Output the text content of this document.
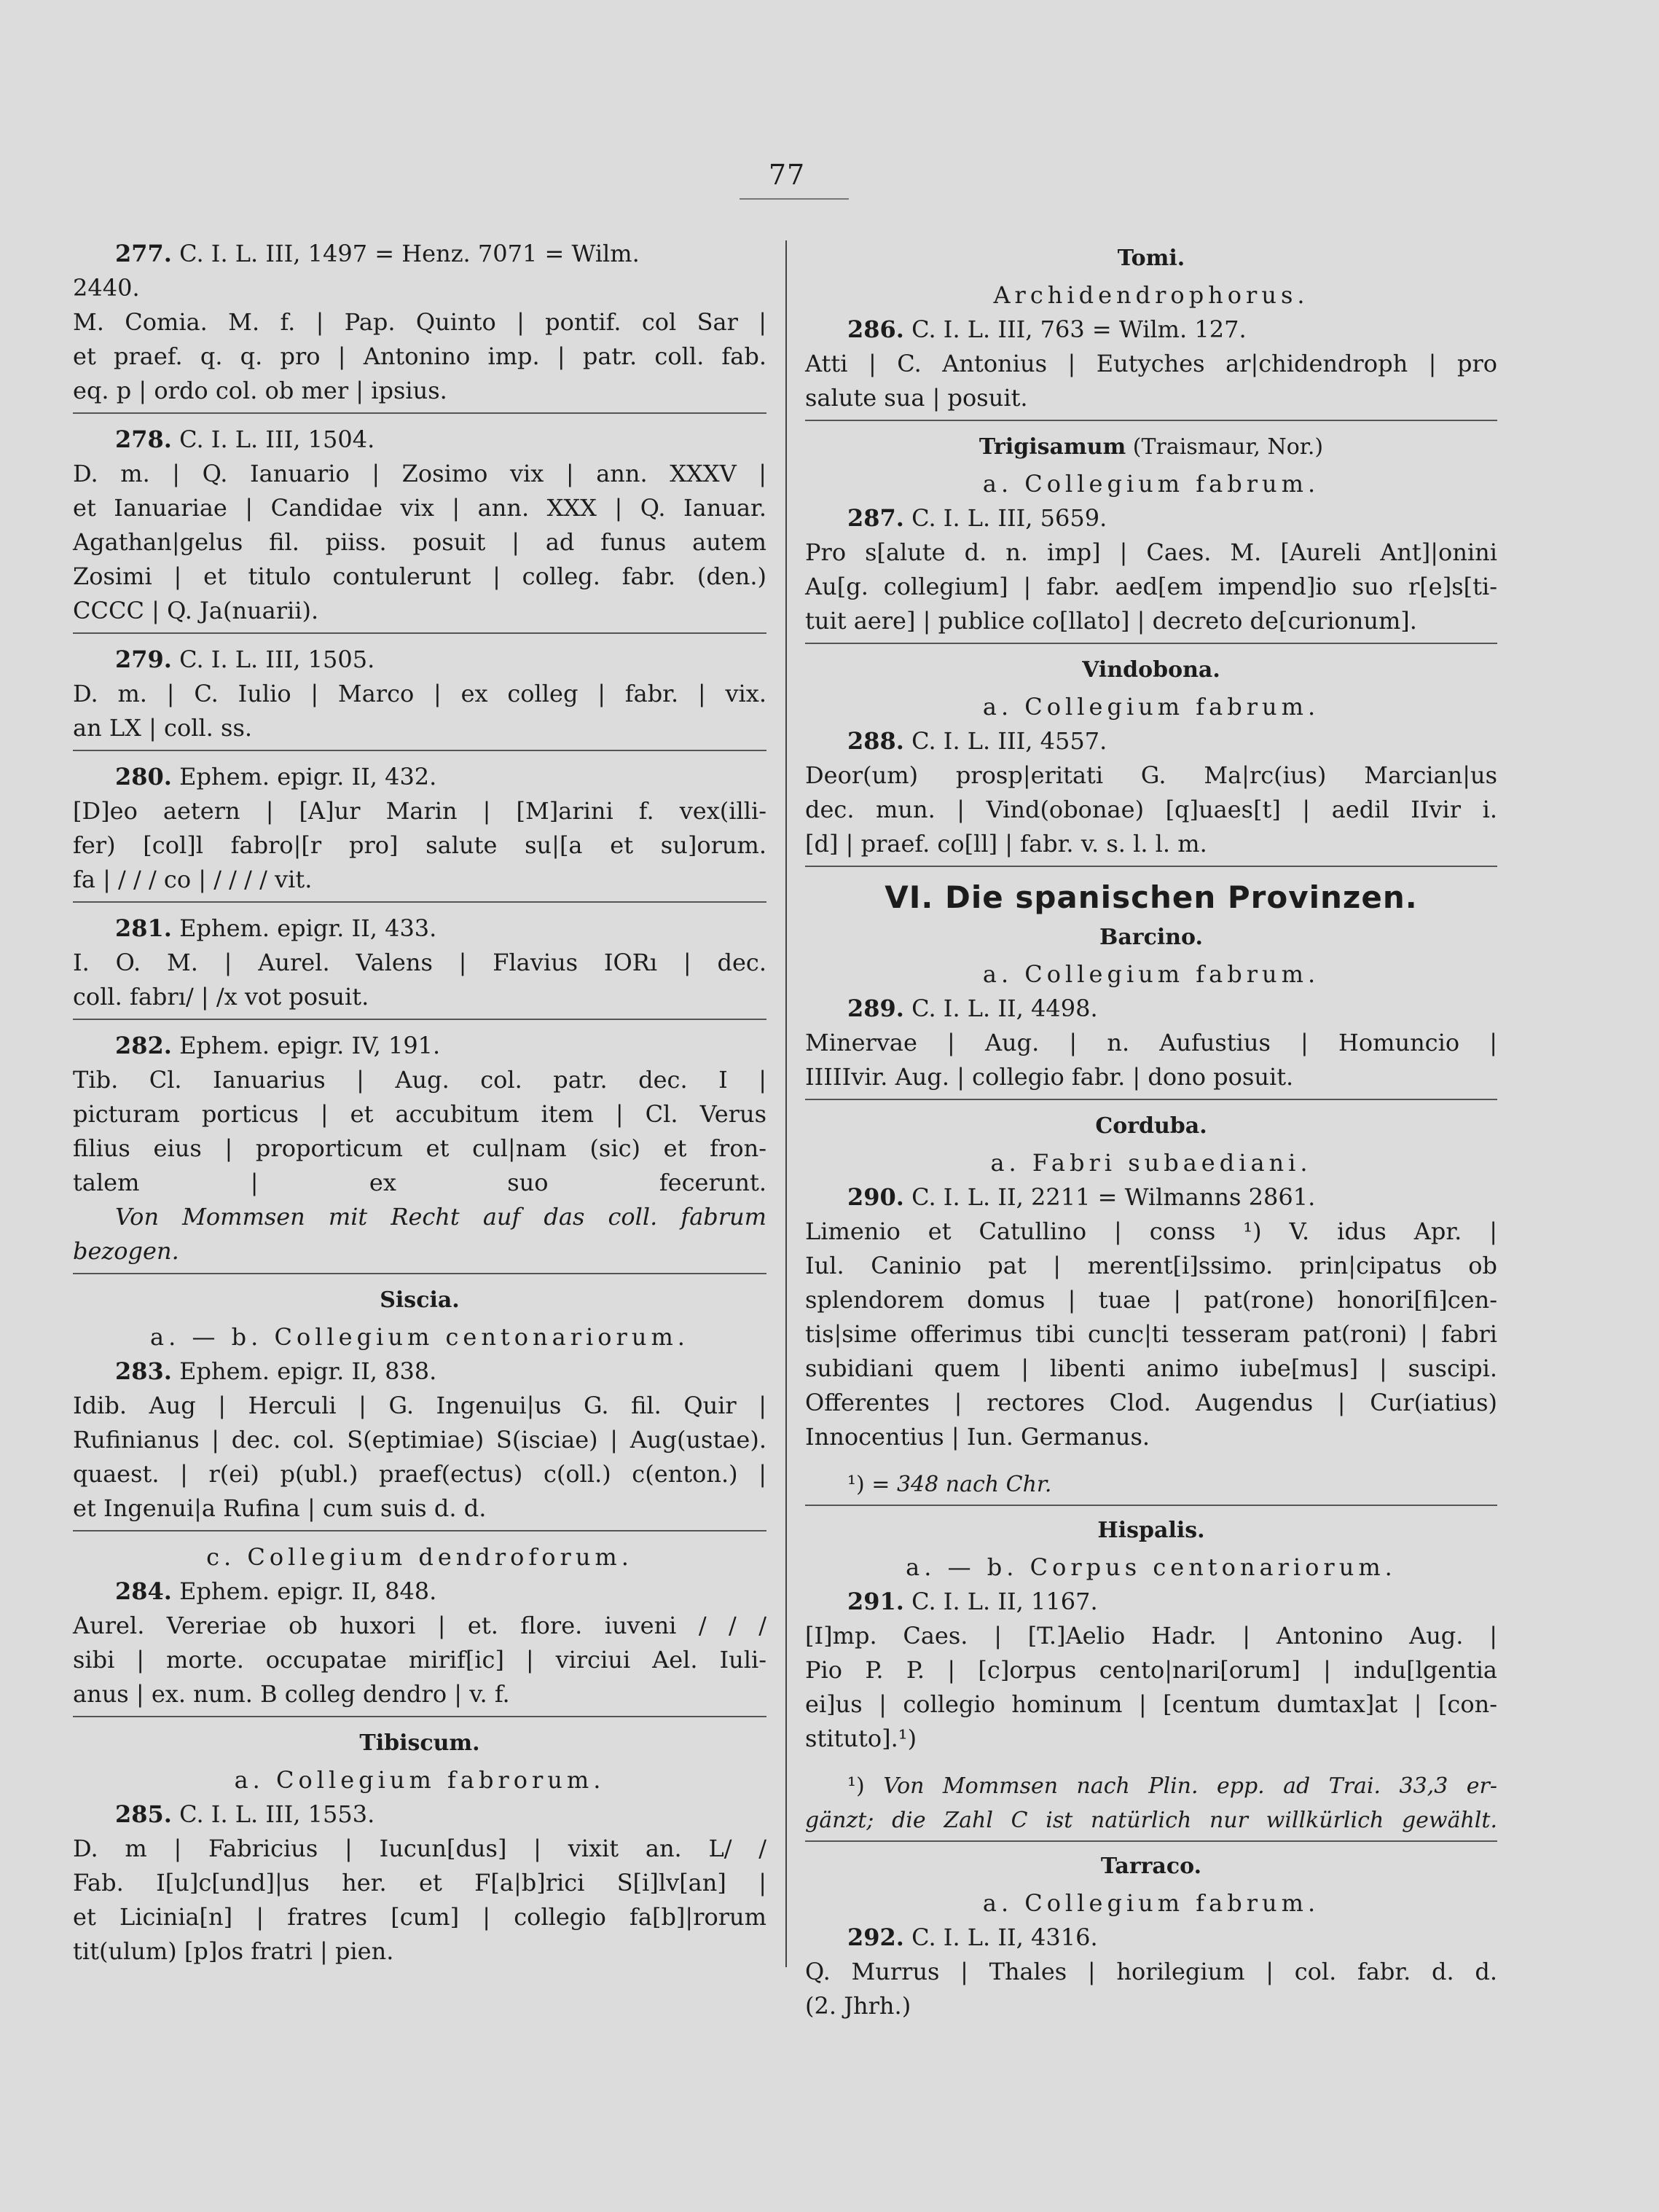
77
277. C. I. L. III, 1497 = Henz. 7071 = Wilm.
2440.
M. Comia. M. f. | Pap. Quinto | pontif. col Sar |
et praef. q. q. pro | Antonino imp. | patr. coll. fab.
eq. p | ordo col. ob mer | ipsius.
278. C. I. L. III, 1504.
D. m. | Q. Ianuario | Zosimo vix | ann. XXXV |
et Ianuariae | Candidae vix | ann. XXX | Q. Ianuar.
Agathan|gelus fil. piiss. posuit | ad funus autem
Zosimi | et titulo contulerunt | colleg. fabr. (den.)
CCCC | Q. Ja(nuarii).
279. C. I. L. III, 1505.
D. m. | C. Iulio | Marco | ex colleg | fabr. | vix.
an LX | coll. ss.
280. Ephem. epigr. II, 432.
[D]eo aetern | [A]ur Marin | [M]arini f. vex(illi-
fer) [col]l fabro|[r pro] salute su|[a et su]orum.
fa | / / / co | / / / / vit.
281. Ephem. epigr. II, 433.
I. O. M. | Aurel. Valens | Flavius IORı | dec.
coll. fabrı/ | /x vot posuit.
282. Ephem. epigr. IV, 191.
Tib. Cl. Ianuarius | Aug. col. patr. dec. I |
picturam porticus | et accubitum item | Cl. Verus
filius eius | proporticum et cul|nam (sic) et fron-
talem | ex suo fecerunt.
Von Mommsen mit Recht auf das coll. fabrum
bezogen.
Siscia.
a. — b. Collegium centonariorum.
283. Ephem. epigr. II, 838.
Idib. Aug | Herculi | G. Ingenui|us G. fil. Quir |
Rufinianus | dec. col. S(eptimiae) S(isciae) | Aug(ustae).
quaest. | r(ei) p(ubl.) praef(ectus) c(oll.) c(enton.) |
et Ingenui|a Rufina | cum suis d. d.
c. Collegium dendroforum.
284. Ephem. epigr. II, 848.
Aurel. Vereriae ob huxori | et. flore. iuveni / / /
sibi | morte. occupatae mirif[ic] | virciui Ael. Iuli-
anus | ex. num. B colleg dendro | v. f.
Tibiscum.
a. Collegium fabrorum.
285. C. I. L. III, 1553.
D. m | Fabricius | Iucun[dus] | vixit an. L/ /
Fab. I[u]c[und]|us her. et F[a|b]rici S[i]lv[an] |
et Licinia[n] | fratres [cum] | collegio fa[b]|rorum
tit(ulum) [p]os fratri | pien.
Tomi.
Archidendrophorus.
286. C. I. L. III, 763 = Wilm. 127.
Atti | C. Antonius | Eutyches ar|chidendroph | pro
salute sua | posuit.
Trigisamum (Traismaur, Nor.)
a. Collegium fabrum.
287. C. I. L. III, 5659.
Pro s[alute d. n. imp] | Caes. M. [Aureli Ant]|onini
Au[g. collegium] | fabr. aed[em impend]io suo r[e]s[ti-
tuit aere] | publice co[llato] | decreto de[curionum].
Vindobona.
a. Collegium fabrum.
288. C. I. L. III, 4557.
Deor(um) prosp|eritati G. Ma|rc(ius) Marcian|us
dec. mun. | Vind(obonae) [q]uaes[t] | aedil IIvir i.
[d] | praef. co[ll] | fabr. v. s. l. l. m.
VI. Die spanischen Provinzen.
Barcino.
a. Collegium fabrum.
289. C. I. L. II, 4498.
Minervae | Aug. | n. Aufustius | Homuncio |
IIIIIvir. Aug. | collegio fabr. | dono posuit.
Corduba.
a. Fabri subaediani.
290. C. I. L. II, 2211 = Wilmanns 2861.
Limenio et Catullino | conss ¹) V. idus Apr. |
Iul. Caninio pat | merent[i]ssimo. prin|cipatus ob
splendorem domus | tuae | pat(rone) honori[fi]cen-
tis|sime offerimus tibi cunc|ti tesseram pat(roni) | fabri
subidiani quem | libenti animo iube[mus] | suscipi.
Offerentes | rectores Clod. Augendus | Cur(iatius)
Innocentius | Iun. Germanus.
¹) = 348 nach Chr.
Hispalis.
a. — b. Corpus centonariorum.
291. C. I. L. II, 1167.
[I]mp. Caes. | [T.]Aelio Hadr. | Antonino Aug. |
Pio P. P. | [c]orpus cento|nari[orum] | indu[lgentia
ei]us | collegio hominum | [centum dumtax]at | [con-
stituto].¹)
¹) Von Mommsen nach Plin. epp. ad Trai. 33,3 er-
gänzt; die Zahl C ist natürlich nur willkürlich gewählt.
Tarraco.
a. Collegium fabrum.
292. C. I. L. II, 4316.
Q. Murrus | Thales | horilegium | col. fabr. d. d.
(2. Jhrh.)
